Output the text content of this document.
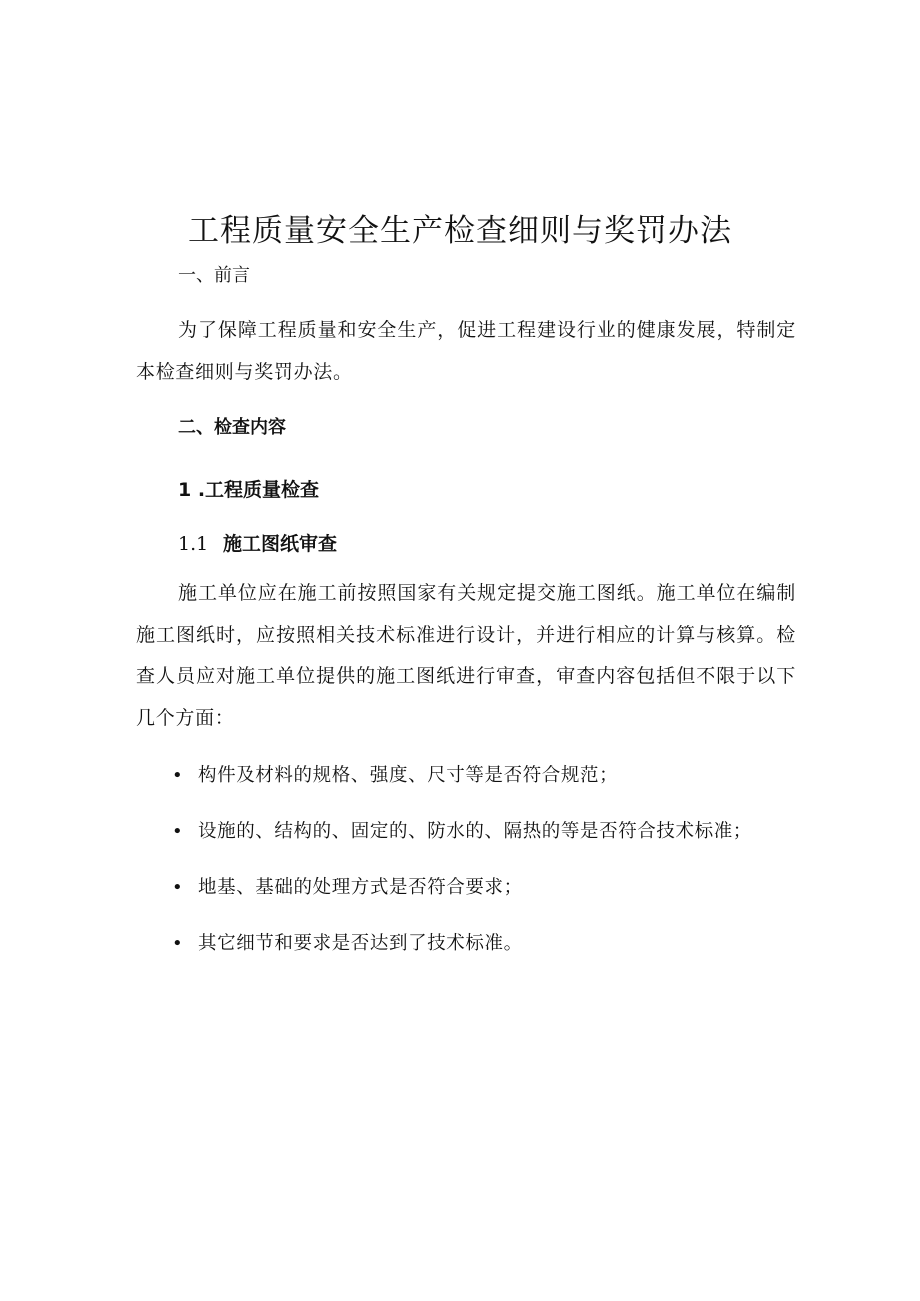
工程质量安全生产检查细则与奖罚办法
一、前言
为了保障工程质量和安全生产，促进工程建设行业的健康发展，特制定本检查细则与奖罚办法。
二、检查内容
1 .工程质量检查
1.1 施工图纸审查
施工单位应在施工前按照国家有关规定提交施工图纸。施工单位在编制施工图纸时，应按照相关技术标准进行设计，并进行相应的计算与核算。检查人员应对施工单位提供的施工图纸进行审查，审查内容包括但不限于以下几个方面：
• 构件及材料的规格、强度、尺寸等是否符合规范；
• 设施的、结构的、固定的、防水的、隔热的等是否符合技术标准；
• 地基、基础的处理方式是否符合要求；
• 其它细节和要求是否达到了技术标准。
